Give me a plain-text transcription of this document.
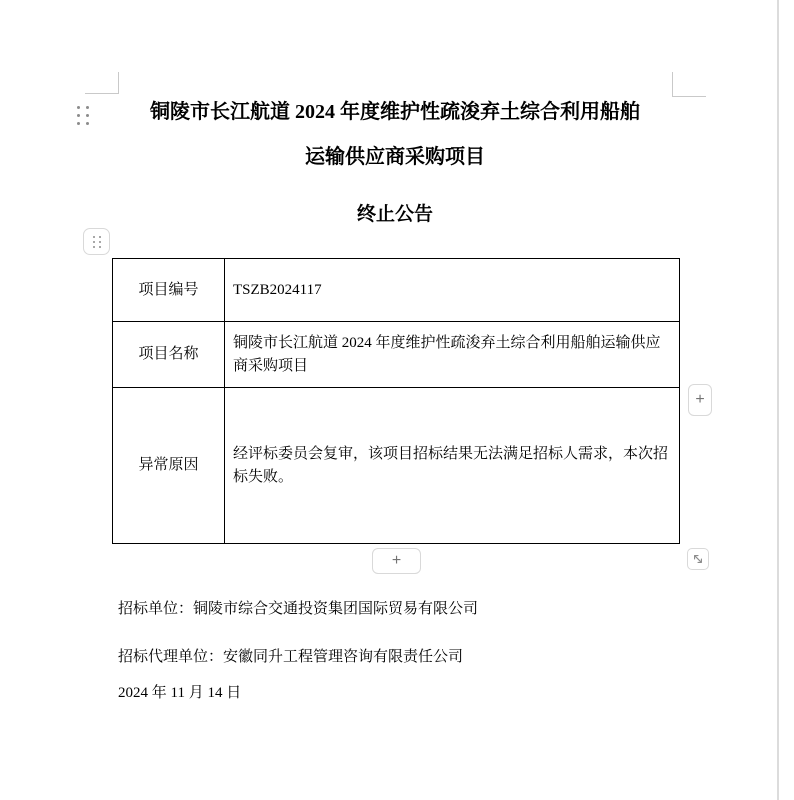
铜陵市长江航道 2024 年度维护性疏浚弃土综合利用船舶
运输供应商采购项目
终止公告
项目编号	TSZB2024117
项目名称	铜陵市长江航道 2024 年度维护性疏浚弃土综合利用船舶运输供应商采购项目
异常原因	经评标委员会复审，该项目招标结果无法满足招标人需求，本次招标失败。
+
+

招标单位：铜陵市综合交通投资集团国际贸易有限公司

招标代理单位：安徽同升工程管理咨询有限责任公司

2024 年 11 月 14 日
